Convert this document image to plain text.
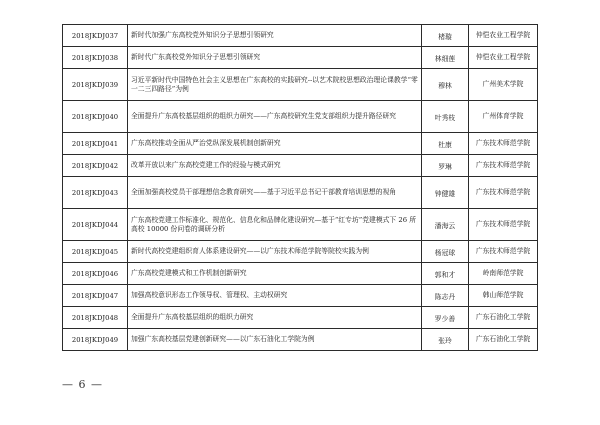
2018JKDJ037	新时代加强广东高校党外知识分子思想引领研究	楮璇	仲恺农业工程学院
2018JKDJ038	新时代广东高校党外知识分子思想引领研究	林细莲	仲恺农业工程学院
2018JKDJ039	习近平新时代中国特色社会主义思想在广东高校的实践研究--以艺术院校思想政治理论课教学“零一二三四路径”为例	穆林	广州美术学院
2018JKDJ040	全面提升广东高校基层组织的组织力研究——广东高校研究生党支部组织力提升路径研究	叶秀枝	广州体育学院
2018JKDJ041	广东高校推动全面从严治党纵深发展机制创新研究	杜康	广东技术师范学院
2018JKDJ042	改革开放以来广东高校党建工作的经验与模式研究	罗琳	广东技术师范学院
2018JKDJ043	全面加强高校党员干部理想信念教育研究——基于习近平总书记干部教育培训思想的视角	钟健雄	广东技术师范学院
2018JKDJ044	广东高校党建工作标准化、规范化、信息化和品牌化建设研究—基于“红专坊”党建模式下 26 所高校 10000 份问卷的调研分析	潘海云	广东技术师范学院
2018JKDJ045	新时代高校党建组织育人体系建设研究——以广东技术师范学院等院校实践为例	杨冠球	广东技术师范学院
2018JKDJ046	广东高校党建模式和工作机制创新研究	郭和才	岭南师范学院
2018JKDJ047	加强高校意识形态工作领导权、管理权、主动权研究	陈志丹	韩山师范学院
2018JKDJ048	全面提升广东高校基层组织的组织力研究	罗少善	广东石油化工学院
2018JKDJ049	加强广东高校基层党建创新研究——以广东石油化工学院为例	张玲	广东石油化工学院
— 6 —
